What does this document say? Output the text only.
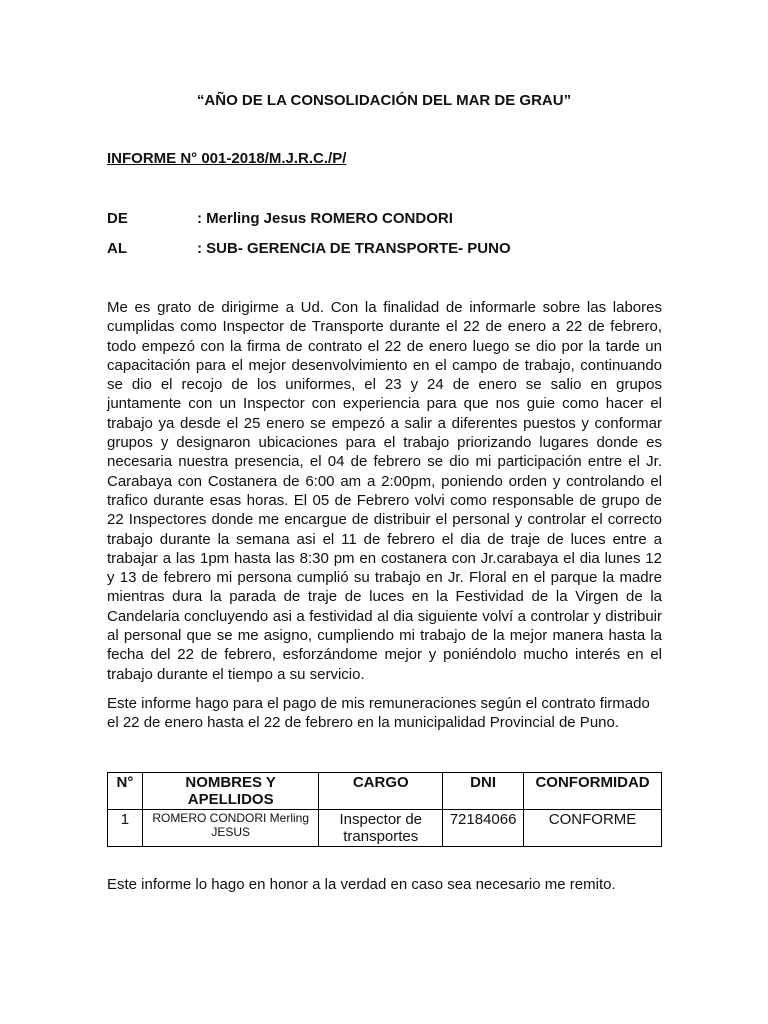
“AÑO DE LA CONSOLIDACIÓN DEL MAR DE GRAU”
INFORME N° 001-2018/M.J.R.C./P/
DE	: Merling Jesus ROMERO CONDORI
AL	: SUB- GERENCIA DE TRANSPORTE- PUNO

Me es grato de dirigirme a Ud. Con la finalidad de informarle sobre las labores cumplidas como Inspector de Transporte durante el 22 de enero a 22 de febrero, todo empezó con la firma de contrato el 22 de enero luego se dio por la tarde un capacitación para el mejor desenvolvimiento en el campo de trabajo, continuando se dio el recojo de los uniformes, el 23 y 24 de enero se salio en grupos juntamente con un Inspector con experiencia para que nos guie como hacer el trabajo ya desde el 25 enero se empezó a salir a diferentes puestos y conformar grupos y designaron ubicaciones para el trabajo priorizando lugares donde es necesaria nuestra presencia, el 04 de febrero se dio mi participación entre el Jr. Carabaya con Costanera de 6:00 am a 2:00pm, poniendo orden y controlando el trafico durante esas horas. El 05 de Febrero volvi como responsable de grupo de 22 Inspectores donde me encargue de distribuir el personal y controlar el correcto trabajo durante la semana asi el 11 de febrero el dia de traje de luces entre a trabajar a las 1pm hasta las 8:30 pm en costanera con Jr.carabaya el dia lunes 12 y 13 de febrero mi persona cumplió su trabajo en Jr. Floral en el parque la madre mientras dura la parada de traje de luces en la Festividad de la Virgen de la Candelaria concluyendo asi a festividad al dia siguiente volví a controlar y distribuir al personal que se me asigno, cumpliendo mi trabajo de la mejor manera hasta la fecha del 22 de febrero, esforzándome mejor y poniéndolo mucho interés en el trabajo durante el tiempo a su servicio.

Este informe hago para el pago de mis remuneraciones según el contrato firmado el 22 de enero hasta el 22 de febrero en la municipalidad Provincial de Puno.

N°	NOMBRES Y APELLIDOS	CARGO	DNI	CONFORMIDAD
1	ROMERO CONDORI Merling JESUS	Inspector de transportes	72184066	CONFORME
Este informe lo hago en honor a la verdad en caso sea necesario me remito.
